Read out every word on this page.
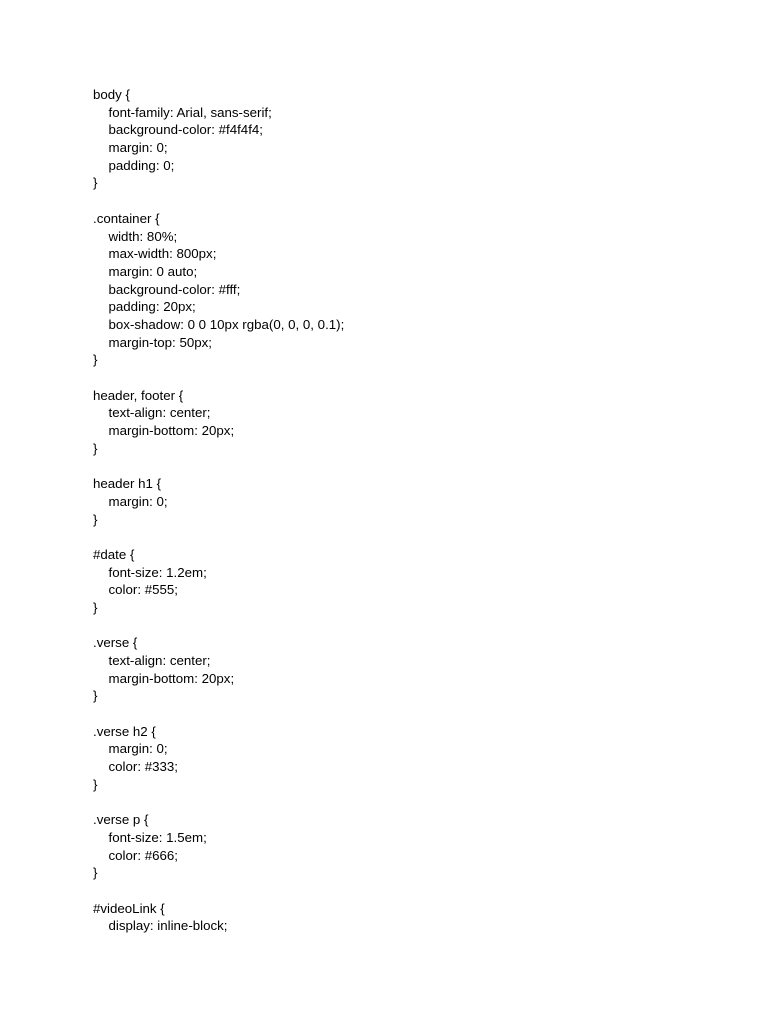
body {
font-family: Arial, sans-serif;
background-color: #f4f4f4;
margin: 0;
padding: 0;
}
.container {
width: 80%;
max-width: 800px;
margin: 0 auto;
background-color: #fff;
padding: 20px;
box-shadow: 0 0 10px rgba(0, 0, 0, 0.1);
margin-top: 50px;
}
header, footer {
text-align: center;
margin-bottom: 20px;
}
header h1 {
margin: 0;
}
#date {
font-size: 1.2em;
color: #555;
}
.verse {
text-align: center;
margin-bottom: 20px;
}
.verse h2 {
margin: 0;
color: #333;
}
.verse p {
font-size: 1.5em;
color: #666;
}
#videoLink {
display: inline-block;
